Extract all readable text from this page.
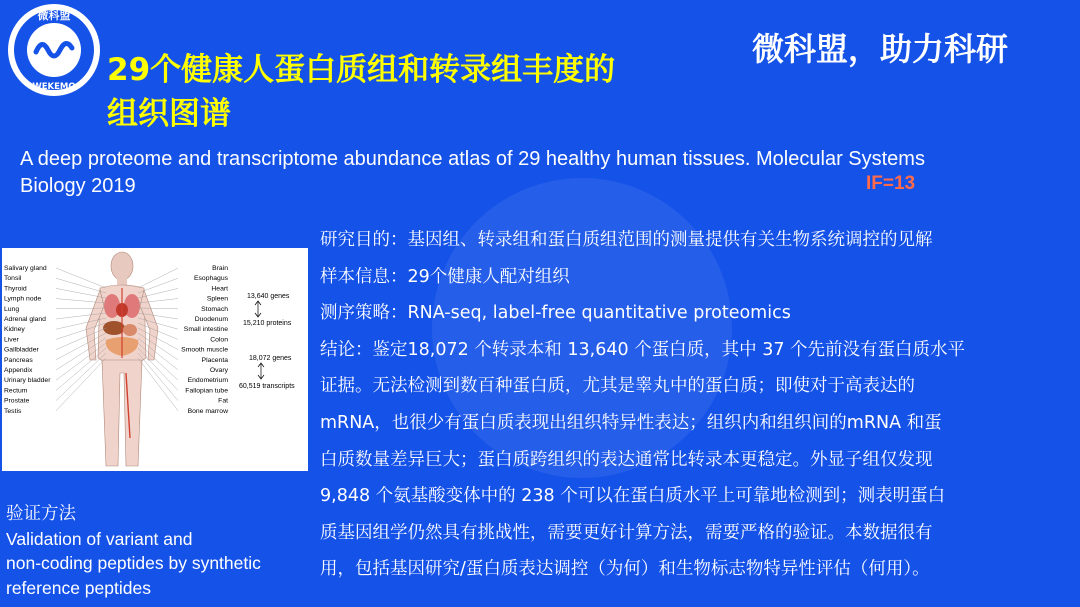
微科盟
WEKEMO 29个健康人蛋白质组和转录组丰度的
组织图谱
微科盟，助力科研
A deep proteome and transcriptome abundance atlas of 29 healthy human tissues. Molecular Systems
Biology 2019	IF=13
Salivary gland
Tonsil
Thyroid
Lymph node
Lung
Adrenal gland
Kidney
Liver
Gallbladder
Pancreas
Appendix
Urinary bladder
Rectum
Prostate
Testis
Brain
Esophagus
Heart
Spleen
Stomach
Duodenum
Small intestine
Colon
Smooth muscle
Placenta
Ovary
Endometrium
Fallopian tube
Fat
Bone marrow
13,640 genes
15,210 proteins
18,072 genes
60,519 transcripts
研究目的：基因组、转录组和蛋白质组范围的测量提供有关生物系统调控的见解
样本信息：29个健康人配对组织
测序策略：RNA-seq, label-free quantitative proteomics
结论：鉴定18,072 个转录本和 13,640 个蛋白质，其中 37 个先前没有蛋白质水平
证据。无法检测到数百种蛋白质，尤其是睾丸中的蛋白质；即使对于高表达的
mRNA，也很少有蛋白质表现出组织特异性表达；组织内和组织间的mRNA 和蛋
白质数量差异巨大；蛋白质跨组织的表达通常比转录本更稳定。外显子组仅发现
9,848 个氨基酸变体中的 238 个可以在蛋白质水平上可靠地检测到；测表明蛋白
质基因组学仍然具有挑战性，需要更好计算方法，需要严格的验证。本数据很有
用，包括基因研究/蛋白质表达调控（为何）和生物标志物特异性评估（何用）。
验证方法
Validation of variant and
non-coding peptides by synthetic
reference peptides
